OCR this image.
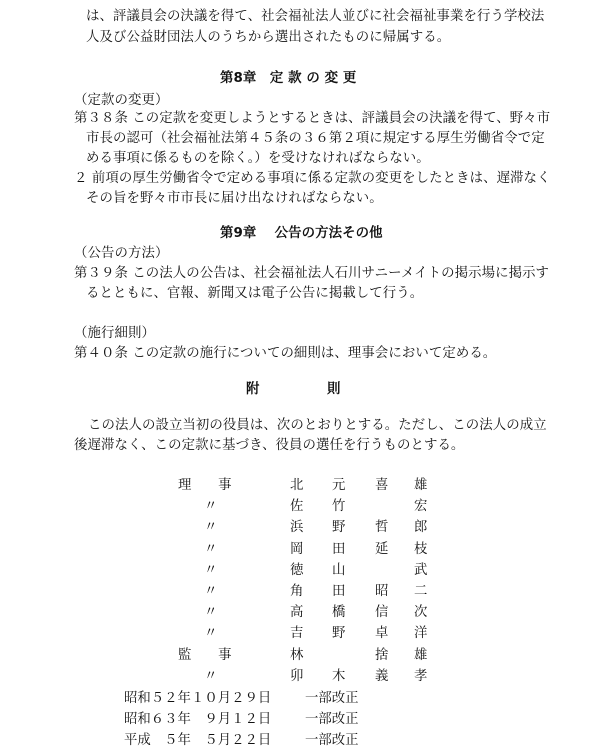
は、評議員会の決議を得て、社会福祉法人並びに社会福祉事業を行う学校法
人及び公益財団法人のうちから選出されたものに帰属する。
第8章　定 款 の 変 更
（定款の変更）
第３８条 この定款を変更しようとするときは、評議員会の決議を得て、野々市
市長の認可（社会福祉法第４５条の３６第２項に規定する厚生労働省令で定
める事項に係るものを除く。）を受けなければならない。
２ 前項の厚生労働省令で定める事項に係る定款の変更をしたときは、遅滞なく
その旨を野々市市長に届け出なければならない。
第9章　 公告の方法その他
（公告の方法）
第３９条 この法人の公告は、社会福祉法人石川サニーメイトの掲示場に掲示す
るとともに、官報、新聞又は電子公告に掲載して行う。
（施行細則）
第４０条 この定款の施行についての細則は、理事会において定める。
附　　　　　則
この法人の設立当初の役員は、次のとおりとする。ただし、この法人の成立
後遅滞なく、この定款に基づき、役員の選任を行うものとする。
理　　事	北 元 喜 雄
〃	佐 竹	宏
〃	浜 野 哲 郎
〃	岡 田 延 枝
〃	徳 山	武
〃	角 田 昭 二
〃	高 橋 信 次
〃	吉 野 卓 洋
監　　事	林	捨 雄
〃	卯 木 義 孝
昭和５２年１０月２９日	一部改正
昭和６３年　９月１２日	一部改正
平成　５年　５月２２日	一部改正
